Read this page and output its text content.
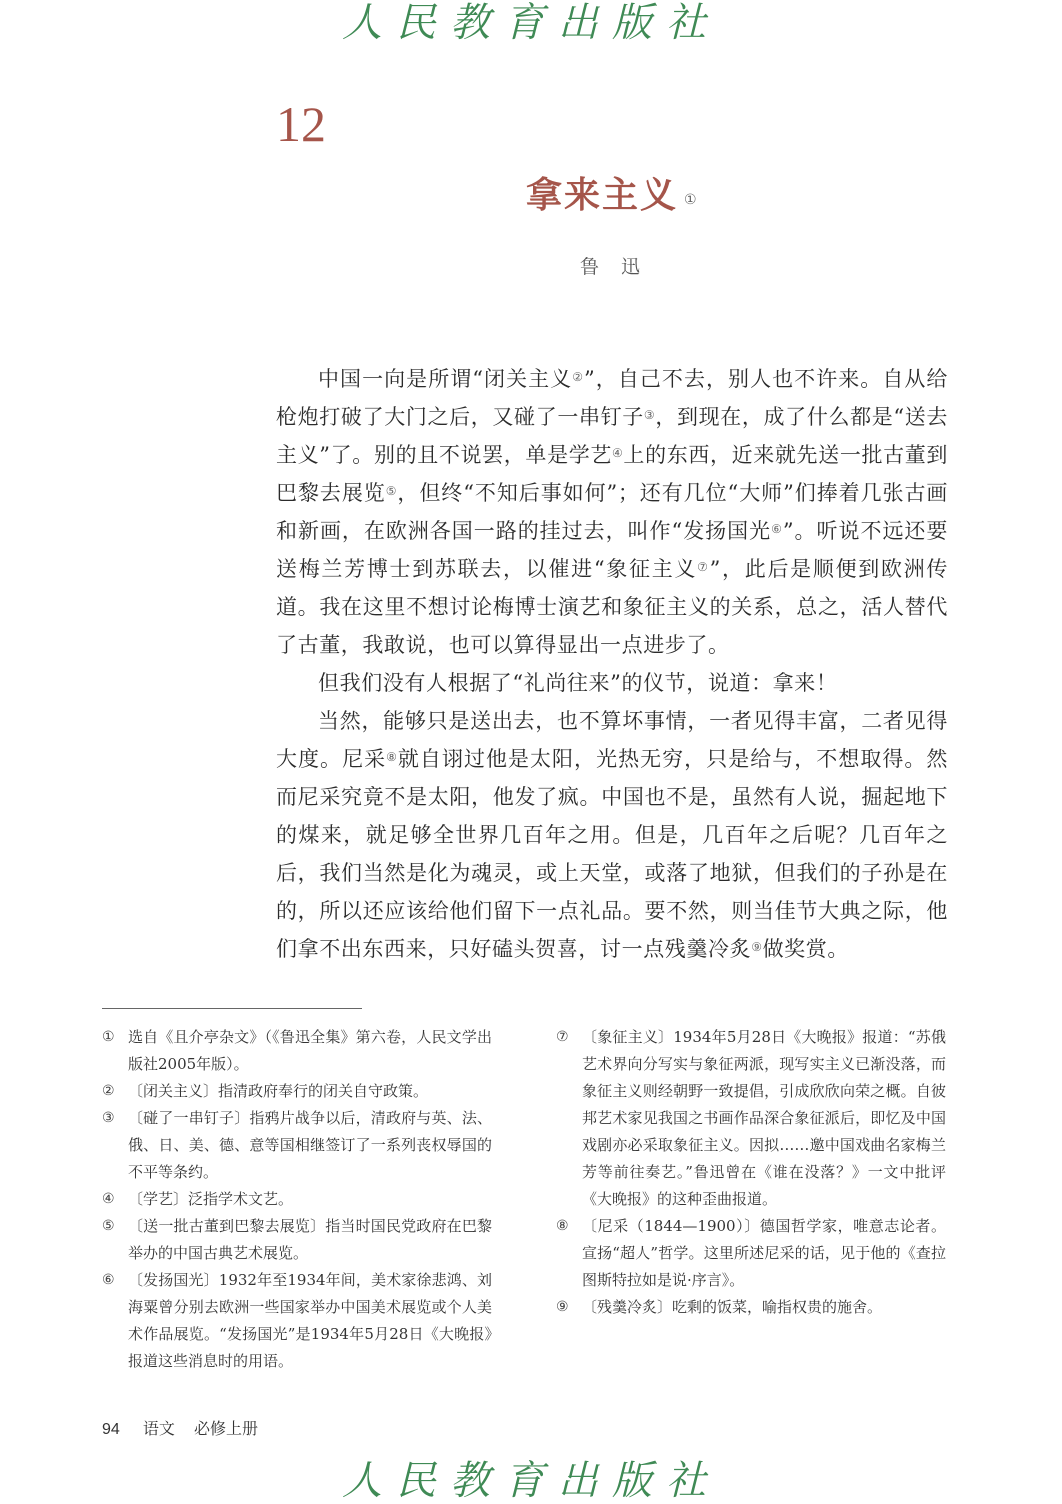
人民教育出版社
12
拿来主义 ①
鲁迅

中国一向是所谓“闭关主义②”，自己不去，别人也不许来。自从给枪炮打破了大门之后，又碰了一串钉子③，到现在，成了什么都是“送去主义”了。别的且不说罢，单是学艺④上的东西，近来就先送一批古董到巴黎去展览⑤，但终“不知后事如何”；还有几位“大师”们捧着几张古画和新画，在欧洲各国一路的挂过去，叫作“发扬国光⑥”。听说不远还要送梅兰芳博士到苏联去，以催进“象征主义⑦”，此后是顺便到欧洲传道。我在这里不想讨论梅博士演艺和象征主义的关系，总之，活人替代了古董，我敢说，也可以算得显出一点进步了。

但我们没有人根据了“礼尚往来”的仪节，说道：拿来！

当然，能够只是送出去，也不算坏事情，一者见得丰富，二者见得大度。尼采⑧就自诩过他是太阳，光热无穷，只是给与，不想取得。然而尼采究竟不是太阳，他发了疯。中国也不是，虽然有人说，掘起地下的煤来，就足够全世界几百年之用。但是，几百年之后呢？几百年之后，我们当然是化为魂灵，或上天堂，或落了地狱，但我们的子孙是在的，所以还应该给他们留下一点礼品。要不然，则当佳节大典之际，他们拿不出东西来，只好磕头贺喜，讨一点残羹冷炙⑨做奖赏。

① 选自《且介亭杂文》（《鲁迅全集》第六卷，人民文学出版社2005年版）。

② 〔闭关主义〕指清政府奉行的闭关自守政策。

③ 〔碰了一串钉子〕指鸦片战争以后，清政府与英、法、俄、日、美、德、意等国相继签订了一系列丧权辱国的不平等条约。

④ 〔学艺〕泛指学术文艺。

⑤ 〔送一批古董到巴黎去展览〕指当时国民党政府在巴黎举办的中国古典艺术展览。

⑥ 〔发扬国光〕1932年至1934年间，美术家徐悲鸿、刘海粟曾分别去欧洲一些国家举办中国美术展览或个人美术作品展览。“发扬国光”是1934年5月28日《大晚报》报道这些消息时的用语。

⑦ 〔象征主义〕1934年5月28日《大晚报》报道：“苏俄艺术界向分写实与象征两派，现写实主义已渐没落，而象征主义则经朝野一致提倡，引成欣欣向荣之概。自彼邦艺术家见我国之书画作品深合象征派后，即忆及中国戏剧亦必采取象征主义。因拟……邀中国戏曲名家梅兰芳等前往奏艺。”鲁迅曾在《谁在没落？》一文中批评《大晚报》的这种歪曲报道。

⑧ 〔尼采（1844—1900）〕德国哲学家，唯意志论者。宣扬“超人”哲学。这里所述尼采的话，见于他的《查拉图斯特拉如是说·序言》。

⑨ 〔残羹冷炙〕吃剩的饭菜，喻指权贵的施舍。

94 语文 必修上册
人民教育出版社
